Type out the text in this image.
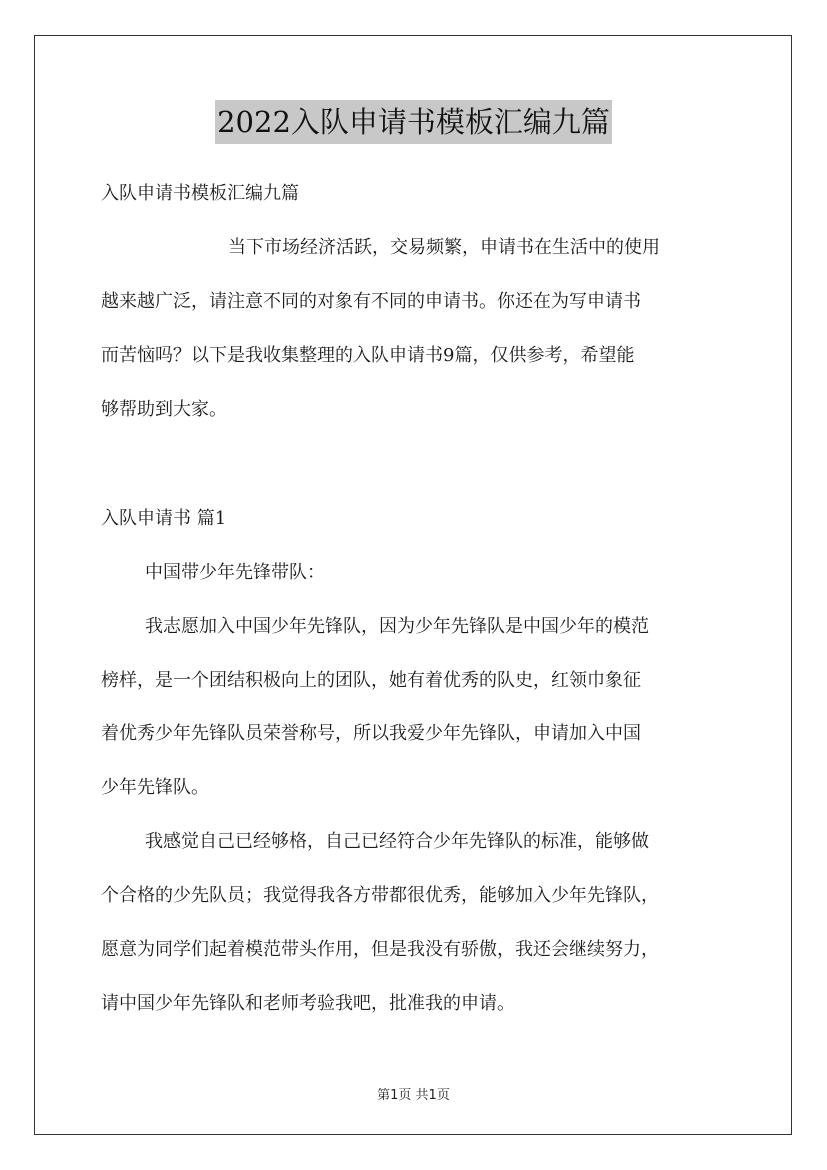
2022入队申请书模板汇编九篇
入队申请书模板汇编九篇
当下市场经济活跃，交易频繁，申请书在生活中的使用
越来越广泛，请注意不同的对象有不同的申请书。你还在为写申请书
而苦恼吗？以下是我收集整理的入队申请书9篇，仅供参考，希望能
够帮助到大家。
入队申请书 篇1
中国带少年先锋带队：
我志愿加入中国少年先锋队，因为少年先锋队是中国少年的模范
榜样，是一个团结积极向上的团队，她有着优秀的队史，红领巾象征
着优秀少年先锋队员荣誉称号，所以我爱少年先锋队，申请加入中国
少年先锋队。
我感觉自己已经够格，自己已经符合少年先锋队的标准，能够做
个合格的少先队员；我觉得我各方带都很优秀，能够加入少年先锋队，
愿意为同学们起着模范带头作用，但是我没有骄傲，我还会继续努力，
请中国少年先锋队和老师考验我吧，批准我的申请。
第1页 共1页
